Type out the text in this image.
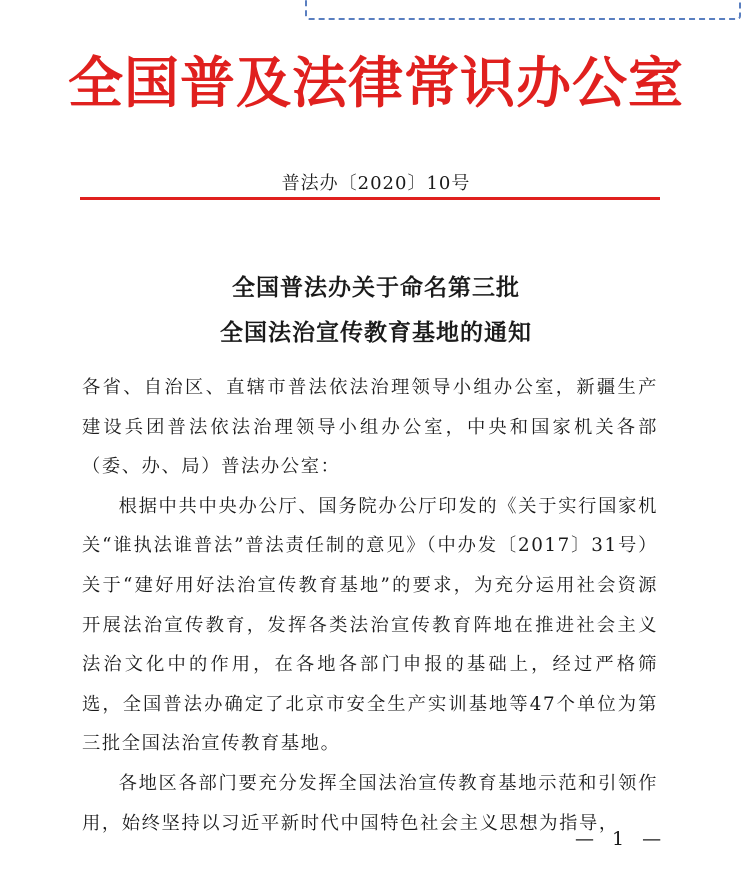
全国普及法律常识办公室
普法办〔2020〕10号
全国普法办关于命名第三批
全国法治宣传教育基地的通知

各省、自治区、直辖市普法依法治理领导小组办公室，新疆生产建设兵团普法依法治理领导小组办公室，中央和国家机关各部（委、办、局）普法办公室：

根据中共中央办公厅、国务院办公厅印发的《关于实行国家机关“谁执法谁普法”普法责任制的意见》（中办发〔2017〕31号）关于“建好用好法治宣传教育基地”的要求，为充分运用社会资源开展法治宣传教育，发挥各类法治宣传教育阵地在推进社会主义法治文化中的作用，在各地各部门申报的基础上，经过严格筛选，全国普法办确定了北京市安全生产实训基地等47个单位为第三批全国法治宣传教育基地。

各地区各部门要充分发挥全国法治宣传教育基地示范和引领作用，始终坚持以习近平新时代中国特色社会主义思想为指导，

— 1 —
